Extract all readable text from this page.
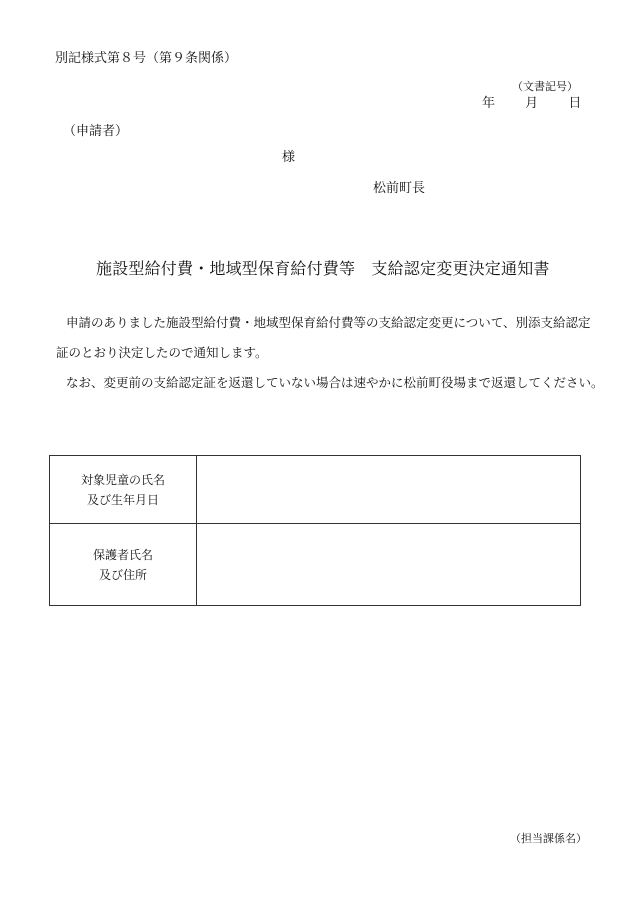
別記様式第８号（第９条関係）
（文書記号）
年 月 日
（申請者）
様
松前町長
施設型給付費・地域型保育給付費等　支給認定変更決定通知書
申請のありました施設型給付費・地域型保育給付費等の支給認定変更について、別添支給認定
証のとおり決定したので通知します。
なお、変更前の支給認定証を返還していない場合は速やかに松前町役場まで返還してください。
対象児童の氏名
及び生年月日
保護者氏名
及び住所
（担当課係名）
